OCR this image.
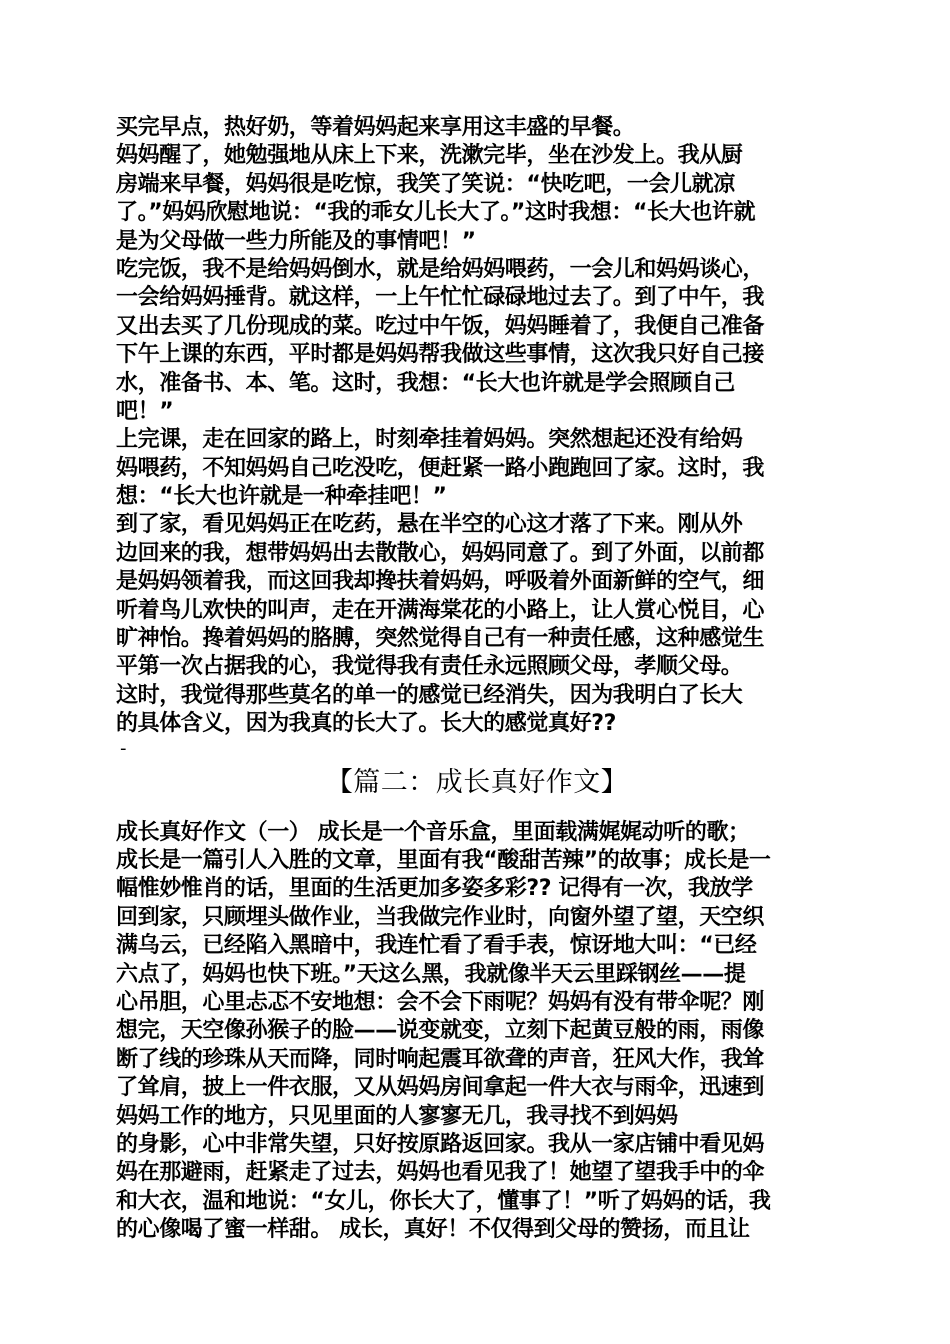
买完早点，热好奶，等着妈妈起来享用这丰盛的早餐。
妈妈醒了，她勉强地从床上下来，洗漱完毕，坐在沙发上。我从厨
房端来早餐，妈妈很是吃惊，我笑了笑说：“快吃吧，一会儿就凉
了。”妈妈欣慰地说：“我的乖女儿长大了。”这时我想：“长大也许就
是为父母做一些力所能及的事情吧！”
吃完饭，我不是给妈妈倒水，就是给妈妈喂药，一会儿和妈妈谈心，
一会给妈妈捶背。就这样，一上午忙忙碌碌地过去了。到了中午，我
又出去买了几份现成的菜。吃过中午饭，妈妈睡着了，我便自己准备
下午上课的东西，平时都是妈妈帮我做这些事情，这次我只好自己接
水，准备书、本、笔。这时，我想：“长大也许就是学会照顾自己
吧！”
上完课，走在回家的路上，时刻牵挂着妈妈。突然想起还没有给妈
妈喂药，不知妈妈自己吃没吃，便赶紧一路小跑跑回了家。这时，我
想：“长大也许就是一种牵挂吧！”
到了家，看见妈妈正在吃药，悬在半空的心这才落了下来。刚从外
边回来的我，想带妈妈出去散散心，妈妈同意了。到了外面，以前都
是妈妈领着我，而这回我却搀扶着妈妈，呼吸着外面新鲜的空气，细
听着鸟儿欢快的叫声，走在开满海棠花的小路上，让人赏心悦目，心
旷神怡。搀着妈妈的胳膊，突然觉得自己有一种责任感，这种感觉生
平第一次占据我的心，我觉得我有责任永远照顾父母，孝顺父母。
这时，我觉得那些莫名的单一的感觉已经消失，因为我明白了长大
的具体含义，因为我真的长大了。长大的感觉真好??
-
【篇二：成长真好作文】
成长真好作文（一） 成长是一个音乐盒，里面载满娓娓动听的歌；
成长是一篇引人入胜的文章，里面有我“酸甜苦辣”的故事；成长是一
幅惟妙惟肖的话，里面的生活更加多姿多彩?? 记得有一次，我放学
回到家，只顾埋头做作业，当我做完作业时，向窗外望了望，天空织
满乌云，已经陷入黑暗中，我连忙看了看手表，惊讶地大叫：“已经
六点了，妈妈也快下班。”天这么黑，我就像半天云里踩钢丝——提
心吊胆，心里忐忑不安地想：会不会下雨呢？妈妈有没有带伞呢？刚
想完，天空像孙猴子的脸——说变就变，立刻下起黄豆般的雨，雨像
断了线的珍珠从天而降，同时响起震耳欲聋的声音，狂风大作，我耸
了耸肩，披上一件衣服，又从妈妈房间拿起一件大衣与雨伞，迅速到
妈妈工作的地方，只见里面的人寥寥无几，我寻找不到妈妈
的身影，心中非常失望，只好按原路返回家。我从一家店铺中看见妈
妈在那避雨，赶紧走了过去，妈妈也看见我了！她望了望我手中的伞
和大衣，温和地说：“女儿，你长大了，懂事了！”听了妈妈的话，我
的心像喝了蜜一样甜。 成长，真好！不仅得到父母的赞扬，而且让
